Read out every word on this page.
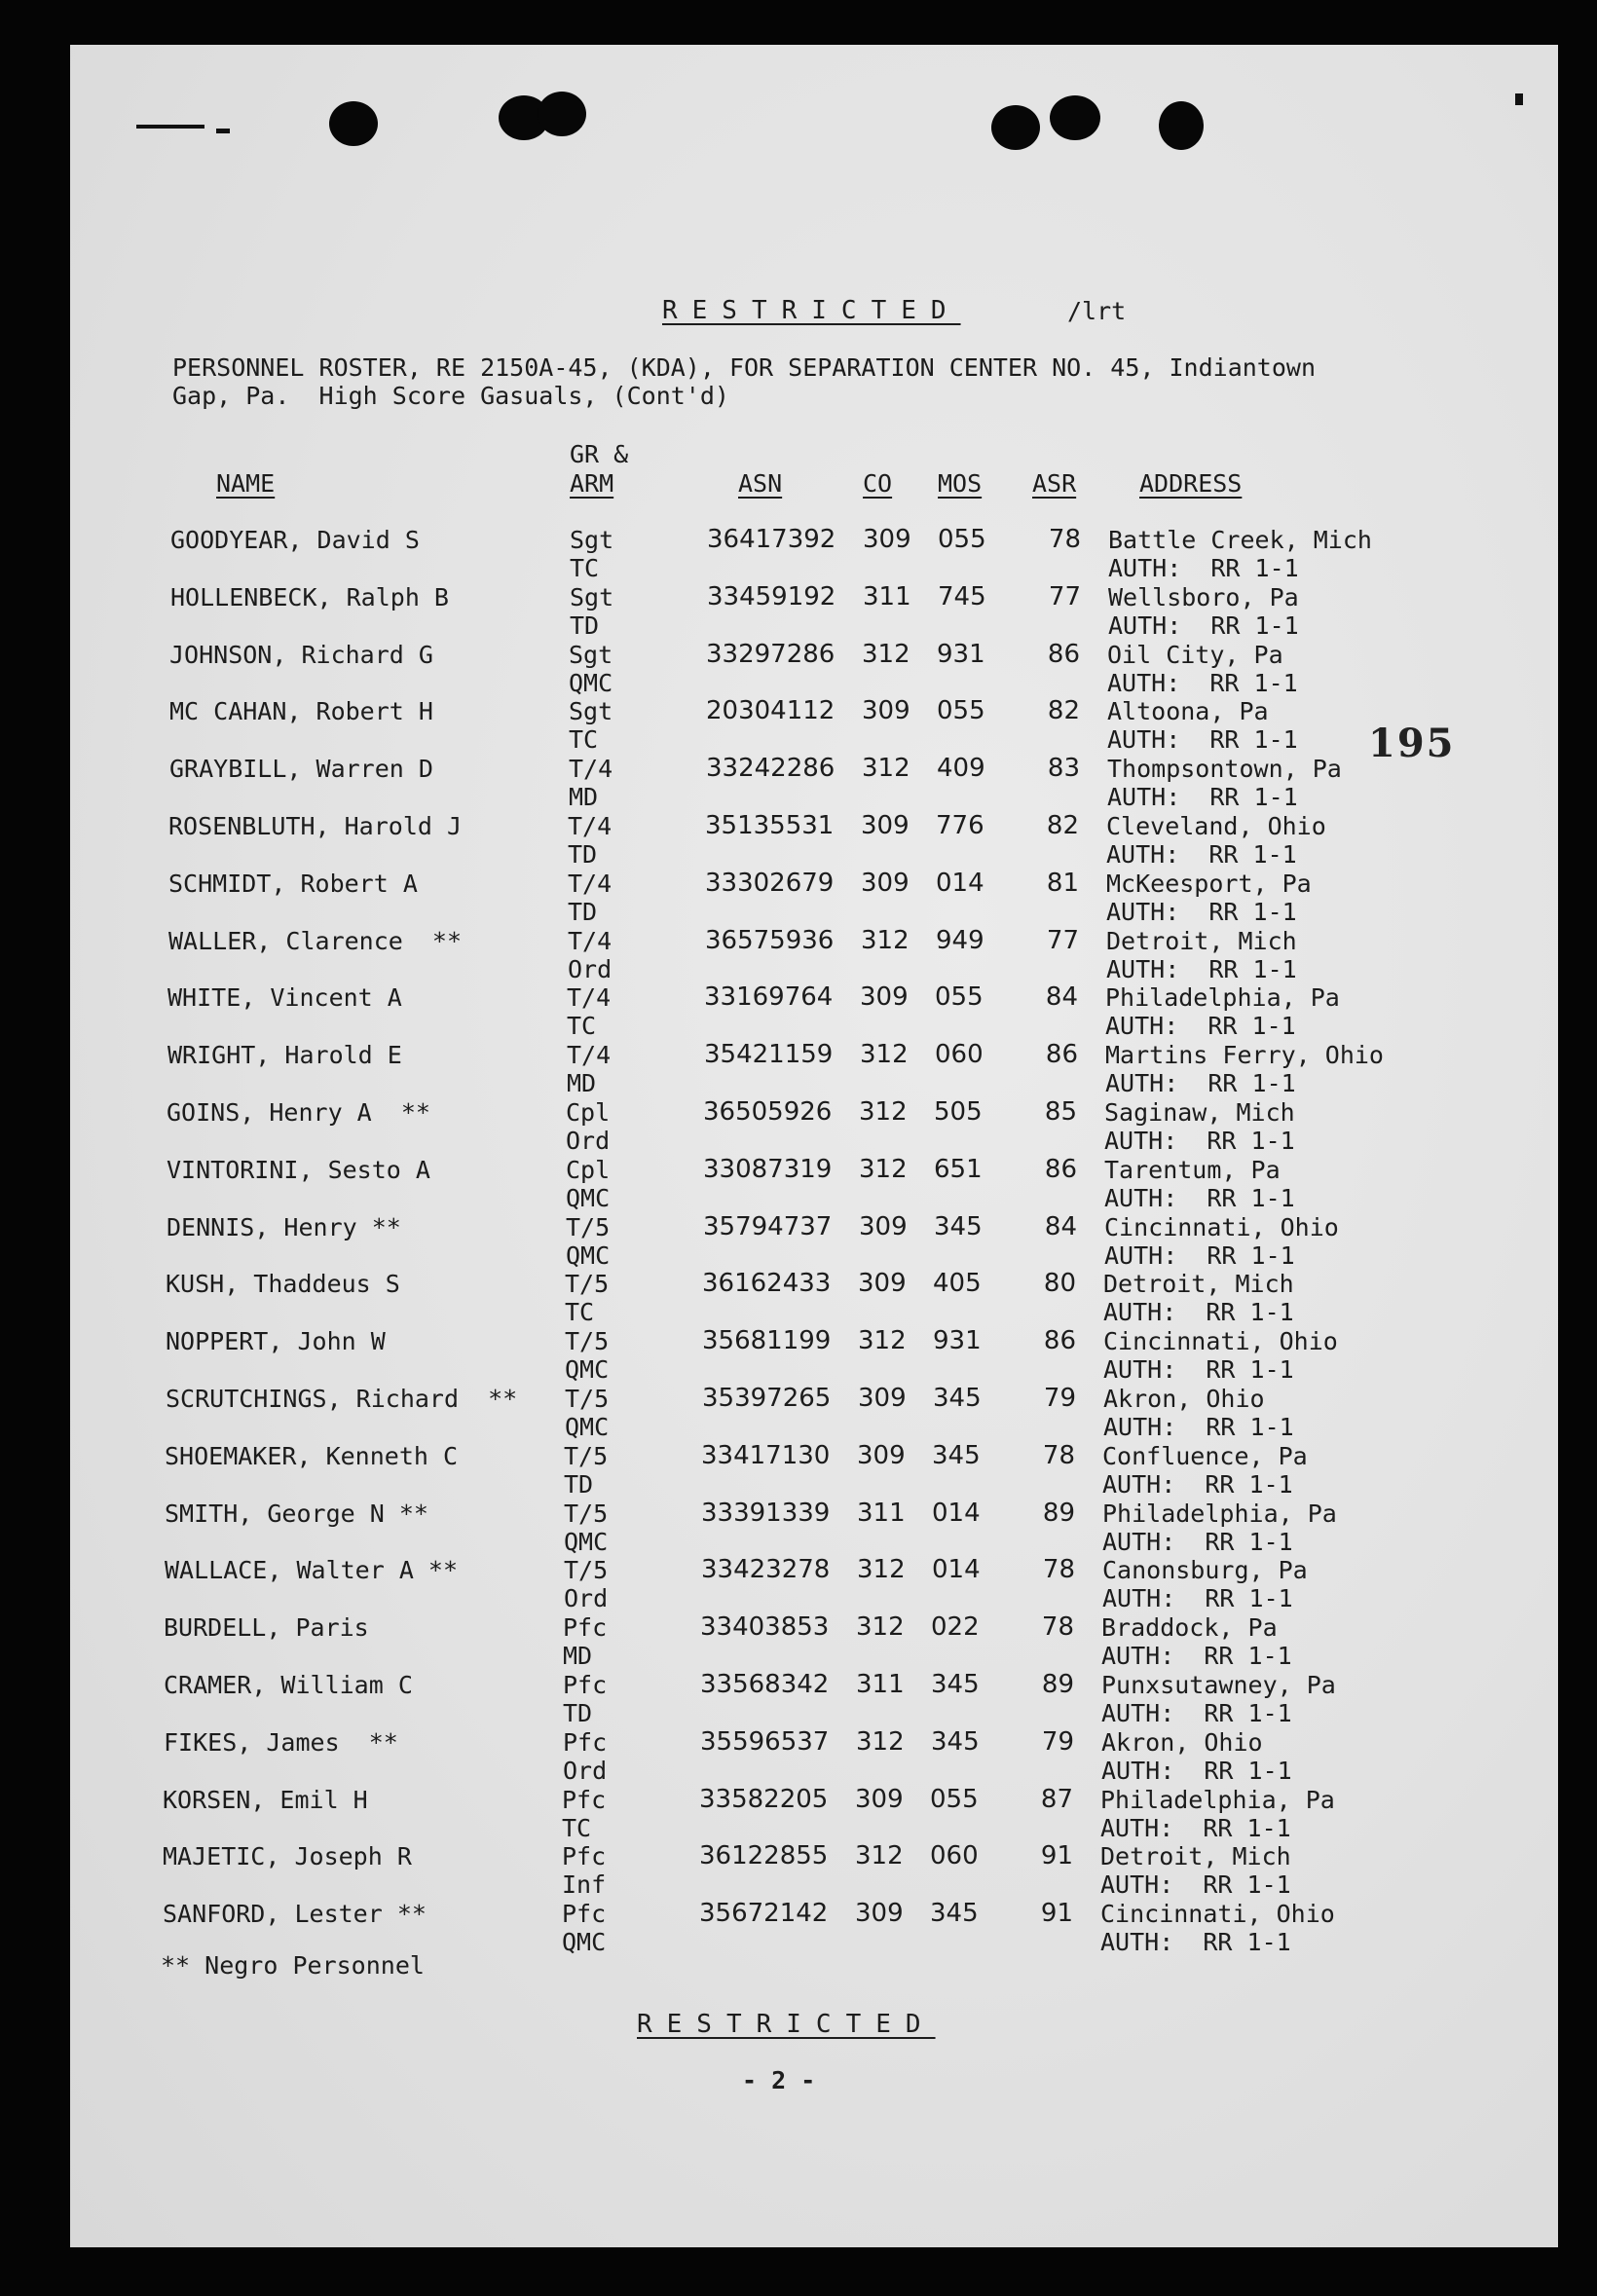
RESTRICTED	/lrt
PERSONNEL ROSTER, RE 2150A-45, (KDA), FOR SEPARATION CENTER NO. 45, Indiantown
Gap, Pa.  High Score Gasuals, (Cont'd)
NAME
GR &
ARM	ASN	CO MOS ASR	ADDRESS
195
GOODYEAR, David S	Sgt	36417392 309 055	78 Battle Creek, Mich
TC	AUTH:  RR 1-1
HOLLENBECK, Ralph B	Sgt	33459192 311 745	77 Wellsboro, Pa
TD	AUTH:  RR 1-1
JOHNSON, Richard G	Sgt	33297286 312 931	86 Oil City, Pa
QMC	AUTH:  RR 1-1
MC CAHAN, Robert H	Sgt	20304112 309 055	82 Altoona, Pa
TC	AUTH:  RR 1-1
GRAYBILL, Warren D	T/4	33242286 312 409	83 Thompsontown, Pa
MD	AUTH:  RR 1-1
ROSENBLUTH, Harold J	T/4	35135531 309 776	82 Cleveland, Ohio
TD	AUTH:  RR 1-1
SCHMIDT, Robert A	T/4	33302679 309 014	81 McKeesport, Pa
TD	AUTH:  RR 1-1
WALLER, Clarence  **	T/4	36575936 312 949	77 Detroit, Mich
Ord	AUTH:  RR 1-1
WHITE, Vincent A	T/4	33169764 309 055	84 Philadelphia, Pa
TC	AUTH:  RR 1-1
WRIGHT, Harold E	T/4	35421159 312 060	86 Martins Ferry, Ohio
MD	AUTH:  RR 1-1
GOINS, Henry A  **	Cpl	36505926 312 505	85 Saginaw, Mich
Ord	AUTH:  RR 1-1
VINTORINI, Sesto A	Cpl	33087319 312 651	86 Tarentum, Pa
QMC	AUTH:  RR 1-1
DENNIS, Henry **	T/5	35794737 309 345	84 Cincinnati, Ohio
QMC	AUTH:  RR 1-1
KUSH, Thaddeus S	T/5	36162433 309 405	80 Detroit, Mich
TC	AUTH:  RR 1-1
NOPPERT, John W	T/5	35681199 312 931	86 Cincinnati, Ohio
QMC	AUTH:  RR 1-1
SCRUTCHINGS, Richard  ** T/5	35397265 309 345	79 Akron, Ohio
QMC	AUTH:  RR 1-1
SHOEMAKER, Kenneth C	T/5	33417130 309 345	78 Confluence, Pa
TD	AUTH:  RR 1-1
SMITH, George N **	T/5	33391339 311 014	89 Philadelphia, Pa
QMC	AUTH:  RR 1-1
WALLACE, Walter A **	T/5	33423278 312 014	78 Canonsburg, Pa
Ord	AUTH:  RR 1-1
BURDELL, Paris	Pfc	33403853 312 022	78 Braddock, Pa
MD	AUTH:  RR 1-1
CRAMER, William C	Pfc	33568342 311 345	89 Punxsutawney, Pa
TD	AUTH:  RR 1-1
FIKES, James  **	Pfc	35596537 312 345	79 Akron, Ohio
Ord	AUTH:  RR 1-1
KORSEN, Emil H	Pfc	33582205 309 055	87 Philadelphia, Pa
TC	AUTH:  RR 1-1
MAJETIC, Joseph R	Pfc	36122855 312 060	91 Detroit, Mich
Inf	AUTH:  RR 1-1
SANFORD, Lester **	Pfc	35672142 309 345	91 Cincinnati, Ohio
QMC	AUTH:  RR 1-1
** Negro Personnel
RESTRICTED
- 2 -
